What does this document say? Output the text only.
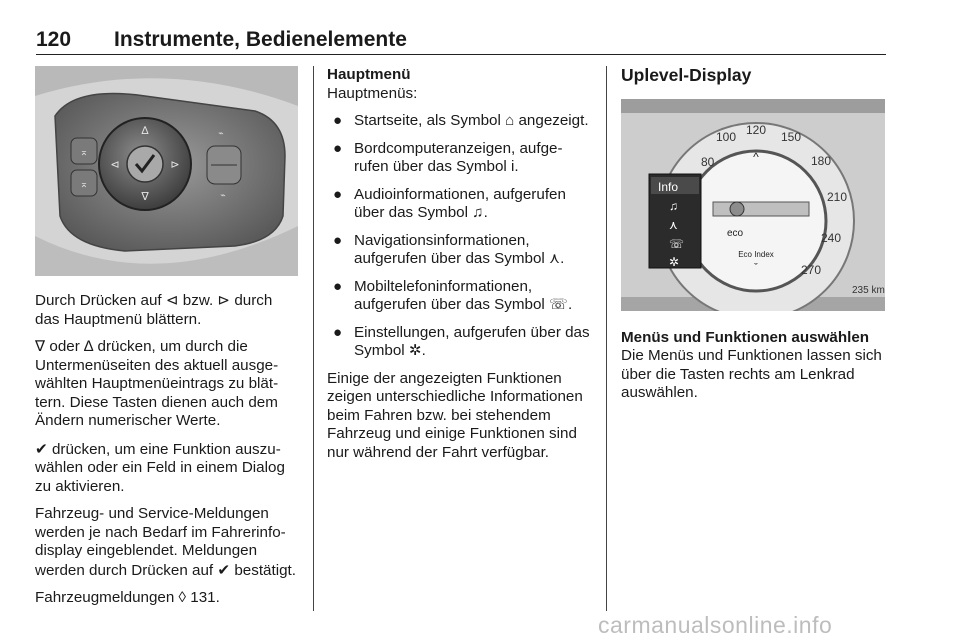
120 Instrumente, Bedienelemente
⌅
⌅
∆
∇
⊲	⊳
⌁
⌁

Durch Drücken auf ⊲ bzw. ⊳ durch das Hauptmenü blättern.

∇ oder ∆ drücken, um durch die Untermenüseiten des aktuell ausgewählten Hauptmenüeintrags zu blättern. Diese Tasten dienen auch dem Ändern numerischer Werte.

✔ drücken, um eine Funktion auszuwählen oder ein Feld in einem Dialog zu aktivieren.

Fahrzeug- und Service-Meldungen werden je nach Bedarf im Fahrerinfodisplay eingeblendet. Meldungen werden durch Drücken auf ✔ bestätigt.

Fahrzeugmeldungen ◊ 131.

Hauptmenü
Hauptmenüs:
● Startseite, als Symbol ⌂ angezeigt.
● Bordcomputeranzeigen, aufgerufen über das Symbol i.
● Audioinformationen, aufgerufen über das Symbol ♫.
● Navigationsinformationen, aufgerufen über das Symbol ⋏.
● Mobiltelefoninformationen, aufgerufen über das Symbol ☏.
● Einstellungen, aufgerufen über das Symbol ✲.

Einige der angezeigten Funktionen zeigen unterschiedliche Informationen beim Fahren bzw. bei stehendem Fahrzeug und einige Funktionen sind nur während der Fahrt verfügbar.

Uplevel-Display
80
100 120 150
180
210
240
270
Info
♫
⋏
☏
✲
^
eco
Eco Index
ˇ
235 km
Menüs und Funktionen auswählen

Die Menüs und Funktionen lassen sich über die Tasten rechts am Lenkrad auswählen.

carmanualsonline.info
